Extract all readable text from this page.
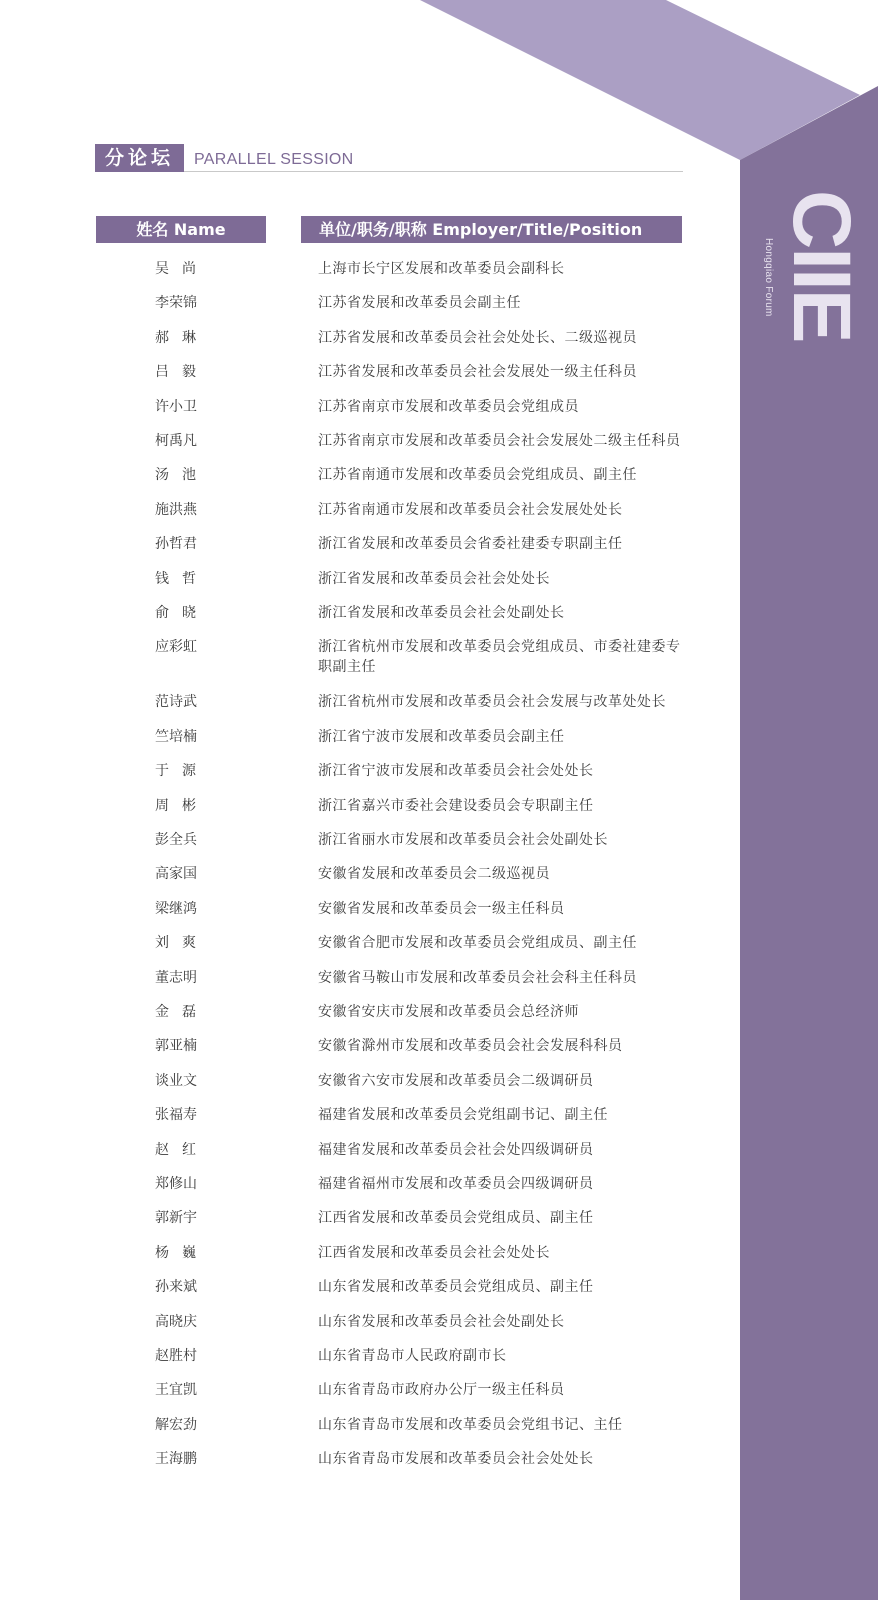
CIIE
Hongqiao Forum
分论坛	PARALLEL SESSION
姓名 Name	单位/职务/职称 Employer/Title/Position
吴尚	上海市长宁区发展和改革委员会副科长
李荣锦	江苏省发展和改革委员会副主任
郝琳	江苏省发展和改革委员会社会处处长、二级巡视员
吕毅	江苏省发展和改革委员会社会发展处一级主任科员
许小卫	江苏省南京市发展和改革委员会党组成员
柯禹凡	江苏省南京市发展和改革委员会社会发展处二级主任科员
汤池	江苏省南通市发展和改革委员会党组成员、副主任
施洪燕	江苏省南通市发展和改革委员会社会发展处处长
孙哲君	浙江省发展和改革委员会省委社建委专职副主任
钱哲	浙江省发展和改革委员会社会处处长
俞晓	浙江省发展和改革委员会社会处副处长
应彩虹	浙江省杭州市发展和改革委员会党组成员、市委社建委专职副主任
范诗武	浙江省杭州市发展和改革委员会社会发展与改革处处长
竺培楠	浙江省宁波市发展和改革委员会副主任
于源	浙江省宁波市发展和改革委员会社会处处长
周彬	浙江省嘉兴市委社会建设委员会专职副主任
彭全兵	浙江省丽水市发展和改革委员会社会处副处长
高家国	安徽省发展和改革委员会二级巡视员
梁继鸿	安徽省发展和改革委员会一级主任科员
刘爽	安徽省合肥市发展和改革委员会党组成员、副主任
董志明	安徽省马鞍山市发展和改革委员会社会科主任科员
金磊	安徽省安庆市发展和改革委员会总经济师
郭亚楠	安徽省滁州市发展和改革委员会社会发展科科员
谈业文	安徽省六安市发展和改革委员会二级调研员
张福寿	福建省发展和改革委员会党组副书记、副主任
赵红	福建省发展和改革委员会社会处四级调研员
郑修山	福建省福州市发展和改革委员会四级调研员
郭新宇	江西省发展和改革委员会党组成员、副主任
杨巍	江西省发展和改革委员会社会处处长
孙来斌	山东省发展和改革委员会党组成员、副主任
高晓庆	山东省发展和改革委员会社会处副处长
赵胜村	山东省青岛市人民政府副市长
王宜凯	山东省青岛市政府办公厅一级主任科员
解宏劲	山东省青岛市发展和改革委员会党组书记、主任
王海鹏	山东省青岛市发展和改革委员会社会处处长
